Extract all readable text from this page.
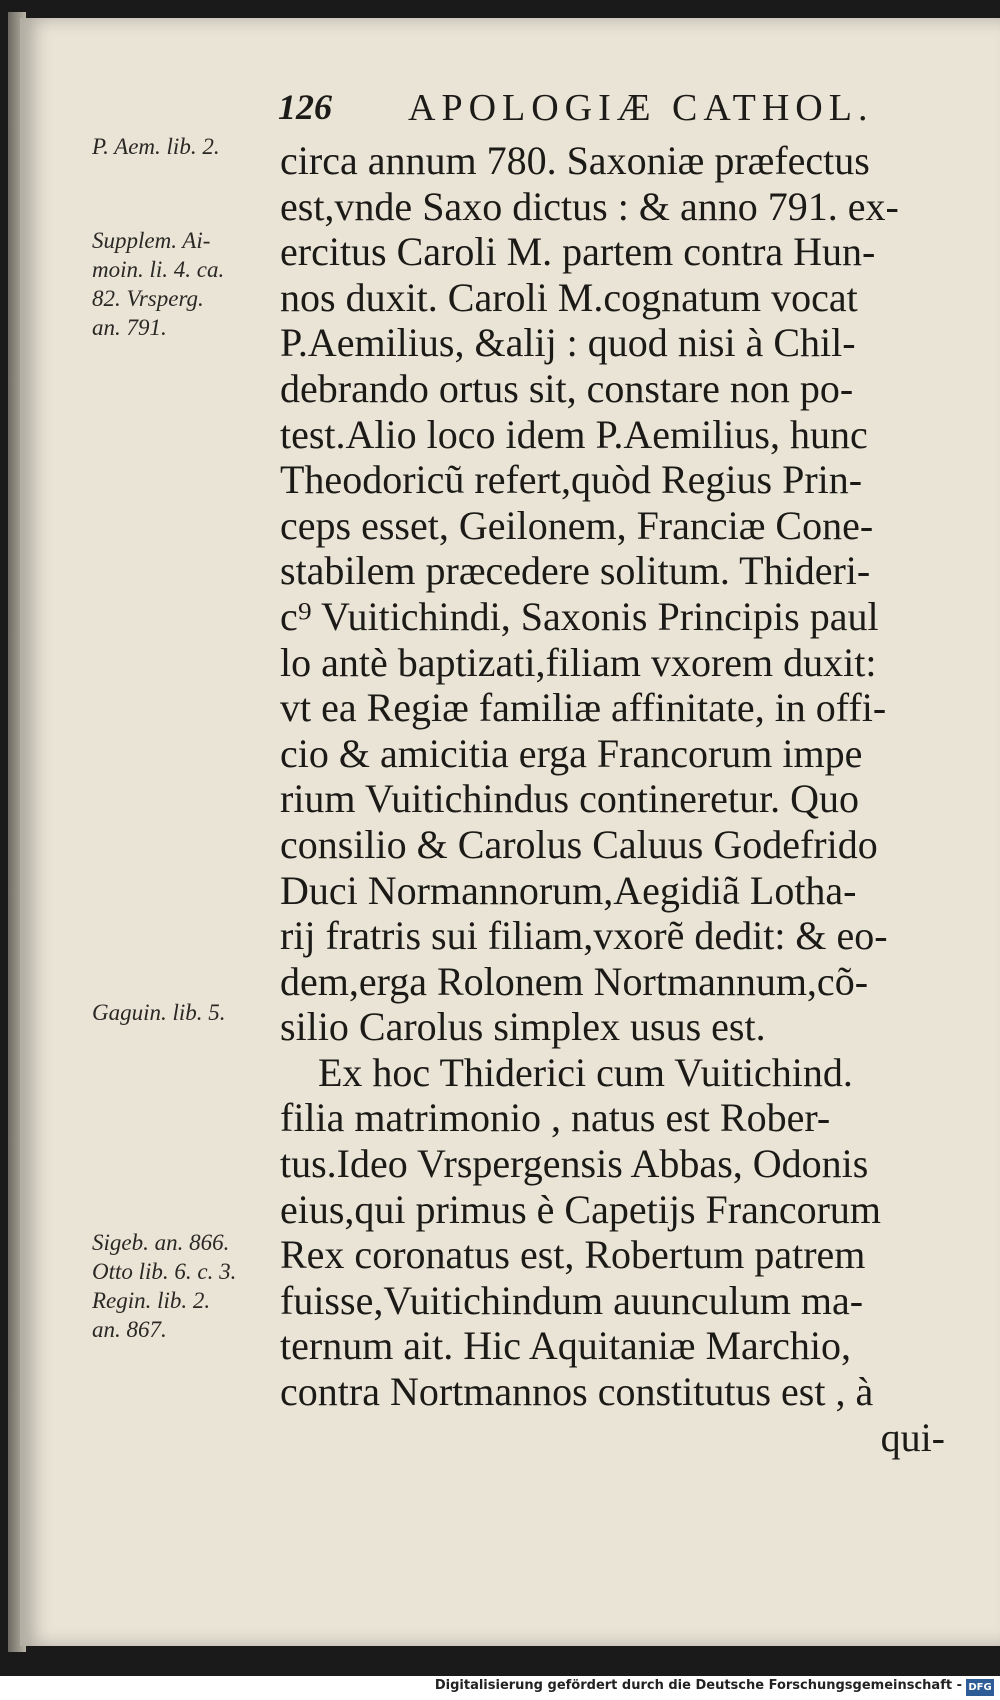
126 APOLOGIÆ CATHOL.
P. Aem. lib. 2.
Supplem. Ai-
moin. li. 4. ca.
82. Vrsperg.
an. 791.
Gaguin. lib. 5.
Sigeb. an. 866.
Otto lib. 6. c. 3.
Regin. lib. 2.
an. 867.
circa annum 780. Saxoniæ præfectus
est,vnde Saxo dictus : & anno 791. ex-
ercitus Caroli M. partem contra Hun-
nos duxit. Caroli M.cognatum vocat
P.Aemilius, &alij : quod nisi à Chil-
debrando ortus sit, constare non po-
test.Alio loco idem P.Aemilius, hunc
Theodoricũ refert,quòd Regius Prin-
ceps esset, Geilonem, Franciæ Cone-
stabilem præcedere solitum. Thideri-
c⁹ Vuitichindi, Saxonis Principis paul
lo antè baptizati,filiam vxorem duxit:
vt ea Regiæ familiæ affinitate, in offi-
cio & amicitia erga Francorum impe
rium Vuitichindus contineretur. Quo
consilio & Carolus Caluus Godefrido
Duci Normannorum,Aegidiã Lotha-
rij fratris sui filiam,vxorẽ dedit: & eo-
dem,erga Rolonem Nortmannum,cõ-
silio Carolus simplex usus est.
Ex hoc Thiderici cum Vuitichind.
filia matrimonio , natus est Rober-
tus.Ideo Vrspergensis Abbas, Odonis
eius,qui primus è Capetijs Francorum
Rex coronatus est, Robertum patrem
fuisse,Vuitichindum auunculum ma-
ternum ait. Hic Aquitaniæ Marchio,
contra Nortmannos constitutus est , à
qui-
Digitalisierung gefördert durch die Deutsche Forschungsgemeinschaft - DFG
